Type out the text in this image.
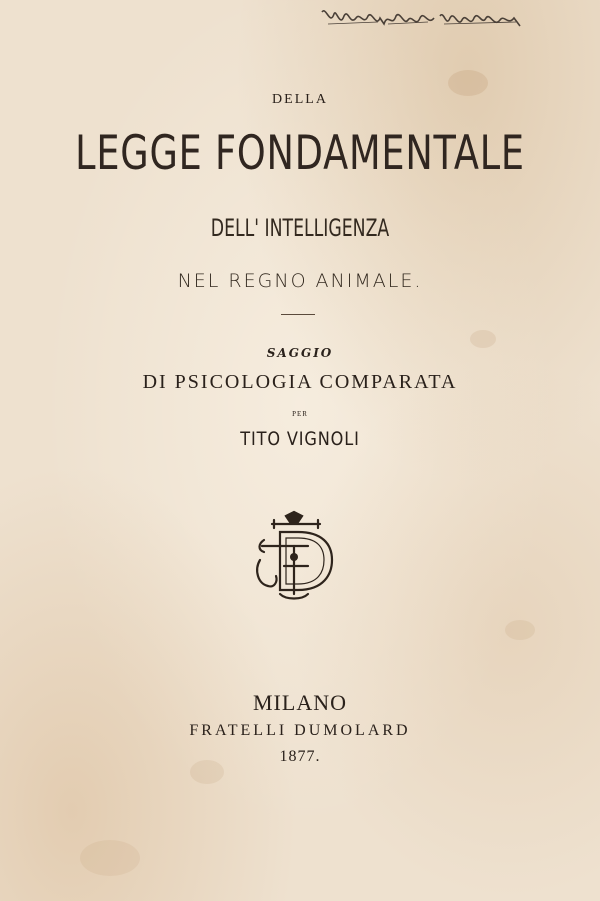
DELLA
LEGGE FONDAMENTALE
DELL' INTELLIGENZA
NEL REGNO ANIMALE.
SAGGIO
DI PSICOLOGIA COMPARATA
PER
TITO VIGNOLI
MILANO
FRATELLI DUMOLARD
1877.
